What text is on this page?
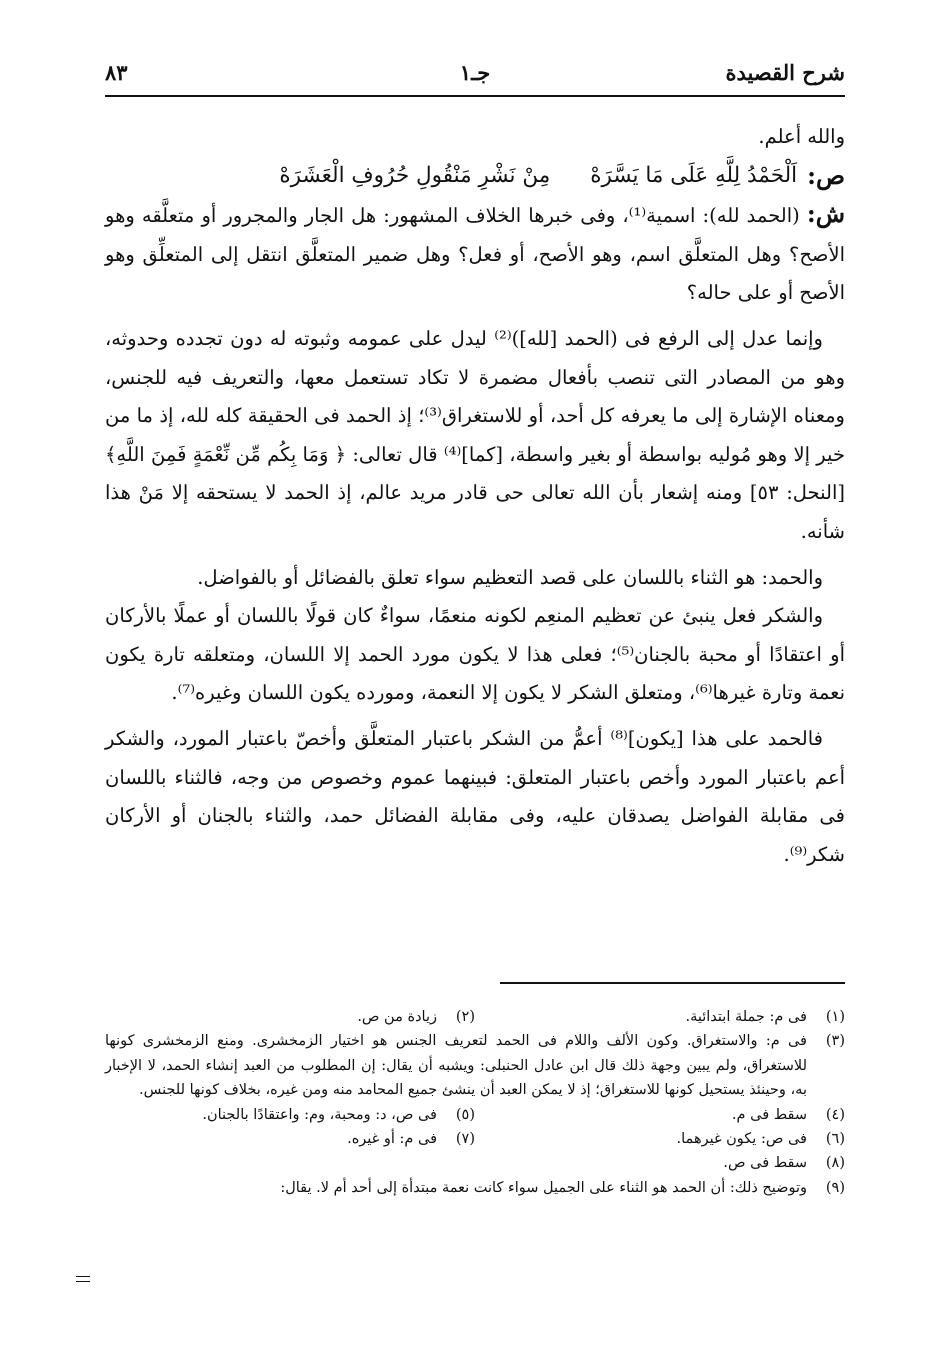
شرح القصيدة
جـ١
٨٣

والله أعلم.

ص:
اَلْحَمْدُ لِلَّهِ عَلَى مَا يَسَّرَهْ
مِنْ نَشْرِ مَنْقُولِ حُرُوفِ الْعَشَرَهْ

ش: (الحمد لله): اسمية⁽¹⁾، وفى خبرها الخلاف المشهور: هل الجار والمجرور أو متعلَّقه وهو الأصح؟ وهل المتعلَّق اسم، وهو الأصح، أو فعل؟ وهل ضمير المتعلَّق انتقل إلى المتعلِّق وهو الأصح أو على حاله؟

وإنما عدل إلى الرفع فى (الحمد [لله])⁽²⁾ ليدل على عمومه وثبوته له دون تجدده وحدوثه، وهو من المصادر التى تنصب بأفعال مضمرة لا تكاد تستعمل معها، والتعريف فيه للجنس، ومعناه الإشارة إلى ما يعرفه كل أحد، أو للاستغراق⁽³⁾؛ إذ الحمد فى الحقيقة كله لله، إذ ما من خير إلا وهو مُوليه بواسطة أو بغير واسطة، [كما]⁽⁴⁾ قال تعالى: ﴿ وَمَا بِكُم مِّن نِّعْمَةٍ فَمِنَ اللَّهِ﴾ [النحل: ٥٣] ومنه إشعار بأن الله تعالى حى قادر مريد عالم، إذ الحمد لا يستحقه إلا مَنْ هذا شأنه.

والحمد: هو الثناء باللسان على قصد التعظيم سواء تعلق بالفضائل أو بالفواضل.

والشكر فعل ينبئ عن تعظيم المنعِم لكونه منعمًا، سواءٌ كان قولًا باللسان أو عملًا بالأركان أو اعتقادًا أو محبة بالجنان⁽⁵⁾؛ فعلى هذا لا يكون مورد الحمد إلا اللسان، ومتعلقه تارة يكون نعمة وتارة غيرها⁽⁶⁾، ومتعلق الشكر لا يكون إلا النعمة، ومورده يكون اللسان وغيره⁽⁷⁾.

فالحمد على هذا [يكون]⁽⁸⁾ أعمُّ من الشكر باعتبار المتعلَّق وأخصّ باعتبار المورد، والشكر أعم باعتبار المورد وأخص باعتبار المتعلق: فبينهما عموم وخصوص من وجه، فالثناء باللسان فى مقابلة الفواضل يصدقان عليه، وفى مقابلة الفضائل حمد، والثناء بالجنان أو الأركان شكر⁽⁹⁾.

(١)
فى م: جملة ابتدائية.
(٢)
زيادة من ص.
(٣)
فى م: والاستغراق. وكون الألف واللام فى الحمد لتعريف الجنس هو اختيار الزمخشرى. ومنع الزمخشرى كونها للاستغراق، ولم يبين وجهة ذلك قال ابن عادل الحنبلى: ويشبه أن يقال: إن المطلوب من العبد إنشاء الحمد، لا الإخبار به، وحينئذ يستحيل كونها للاستغراق؛ إذ لا يمكن العبد أن ينشئ جميع المحامد منه ومن غيره، بخلاف كونها للجنس.
(٤)
سقط فى م.
(٥)
فى ص، د: ومحبة، وم: واعتقادًا بالجنان.
(٦)
فى ص: يكون غيرهما.
(٧)
فى م: أو غيره.
(٨)
سقط فى ص.
(٩)
وتوضيح ذلك: أن الحمد هو الثناء على الجميل سواء كانت نعمة مبتدأة إلى أحد أم لا. يقال:
